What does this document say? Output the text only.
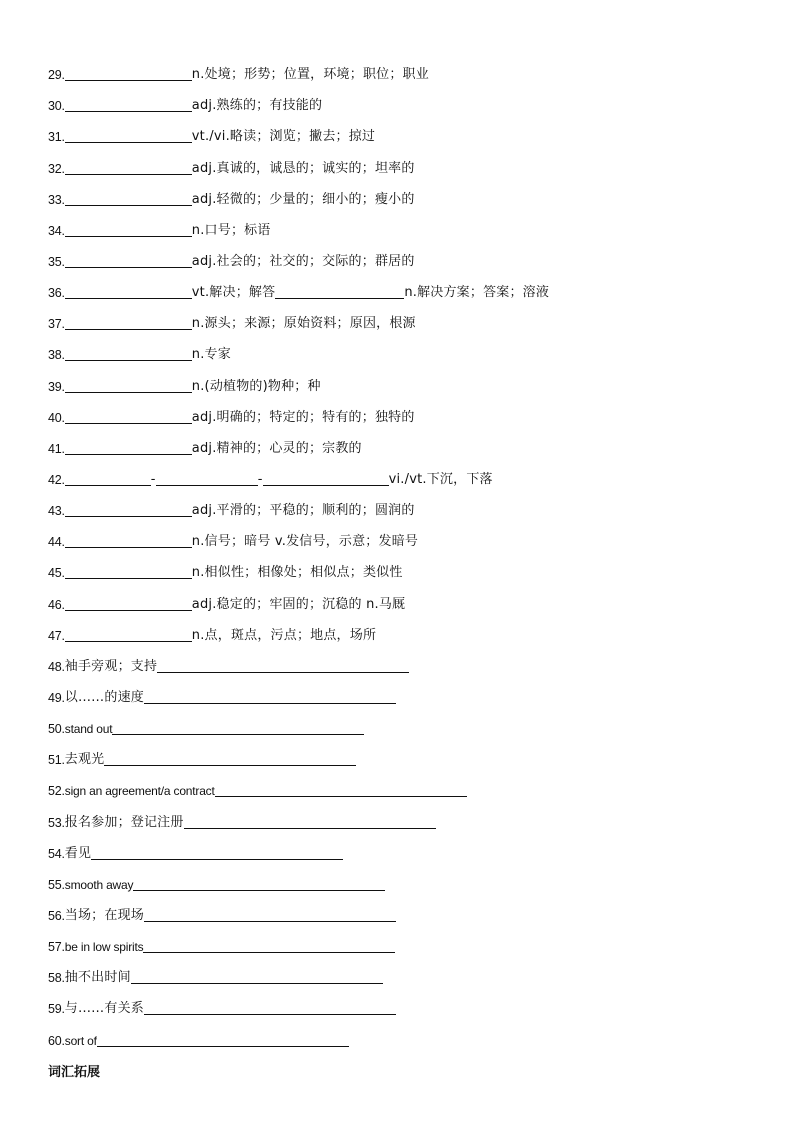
29.	n.处境；形势；位置，环境；职位；职业
30.	adj.熟练的；有技能的
31.	vt./vi.略读；浏览；撇去；掠过
32.	adj.真诚的，诚恳的；诚实的；坦率的
33.	adj.轻微的；少量的；细小的；瘦小的
34.	n.口号；标语
35.	adj.社会的；社交的；交际的；群居的
36.	vt.解决；解答	n.解决方案；答案；溶液
37.	n.源头；来源；原始资料；原因，根源
38.	n.专家
39.	n.(动植物的)物种；种
40.	adj.明确的；特定的；特有的；独特的
41.	adj.精神的；心灵的；宗教的
42.	-	-	vi./vt.下沉，下落
43.	adj.平滑的；平稳的；顺利的；圆润的
44.	n.信号；暗号 v.发信号，示意；发暗号
45.	n.相似性；相像处；相似点；类似性
46.	adj.稳定的；牢固的；沉稳的 n.马厩
47.	n.点，斑点，污点；地点，场所
48. 袖手旁观；支持
49. 以……的速度
50. stand out
51. 去观光
52. sign an agreement/a contract
53. 报名参加；登记注册
54. 看见
55. smooth away
56. 当场；在现场
57. be in low spirits
58. 抽不出时间
59. 与……有关系
60. sort of
词汇拓展
